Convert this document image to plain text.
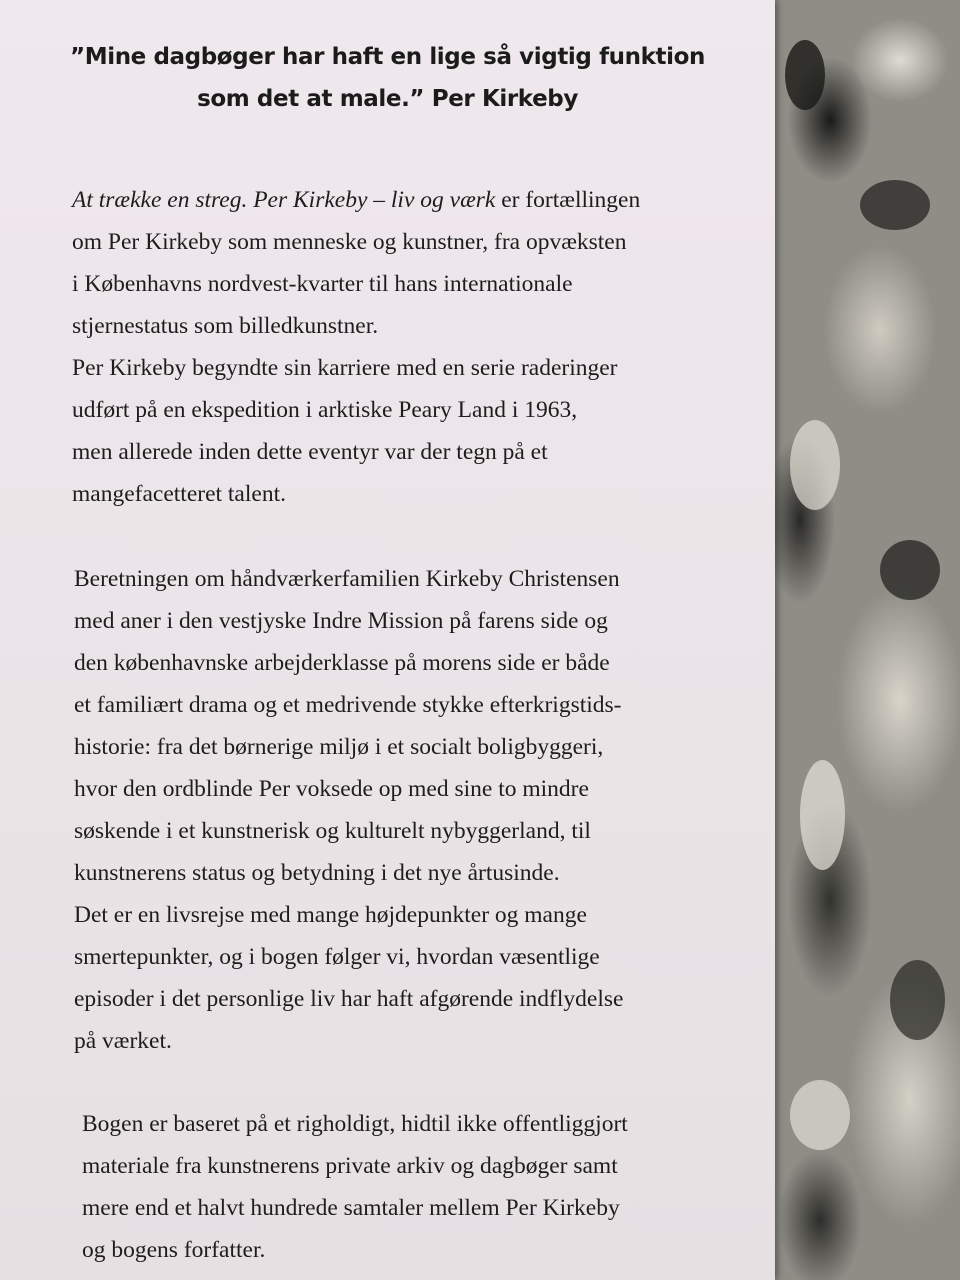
”Mine dagbøger har haft en lige så vigtig funktion
som det at male.” Per Kirkeby
At trække en streg. Per Kirkeby – liv og værk er fortællingen
om Per Kirkeby som menneske og kunstner, fra opvæksten
i Københavns nordvest-kvarter til hans internationale
stjernestatus som billedkunstner.
Per Kirkeby begyndte sin karriere med en serie raderinger
udført på en ekspedition i arktiske Peary Land i 1963,
men allerede inden dette eventyr var der tegn på et
mangefacetteret talent.
Beretningen om håndværkerfamilien Kirkeby Christensen
med aner i den vestjyske Indre Mission på farens side og
den københavnske arbejderklasse på morens side er både
et familiært drama og et medrivende stykke efterkrigstids-
historie: fra det børnerige miljø i et socialt boligbyggeri,
hvor den ordblinde Per voksede op med sine to mindre
søskende i et kunstnerisk og kulturelt nybyggerland, til
kunstnerens status og betydning i det nye årtusinde.
Det er en livsrejse med mange højdepunkter og mange
smertepunkter, og i bogen følger vi, hvordan væsentlige
episoder i det personlige liv har haft afgørende indflydelse
på værket.
Bogen er baseret på et righoldigt, hidtil ikke offentliggjort
materiale fra kunstnerens private arkiv og dagbøger samt
mere end et halvt hundrede samtaler mellem Per Kirkeby
og bogens forfatter.
